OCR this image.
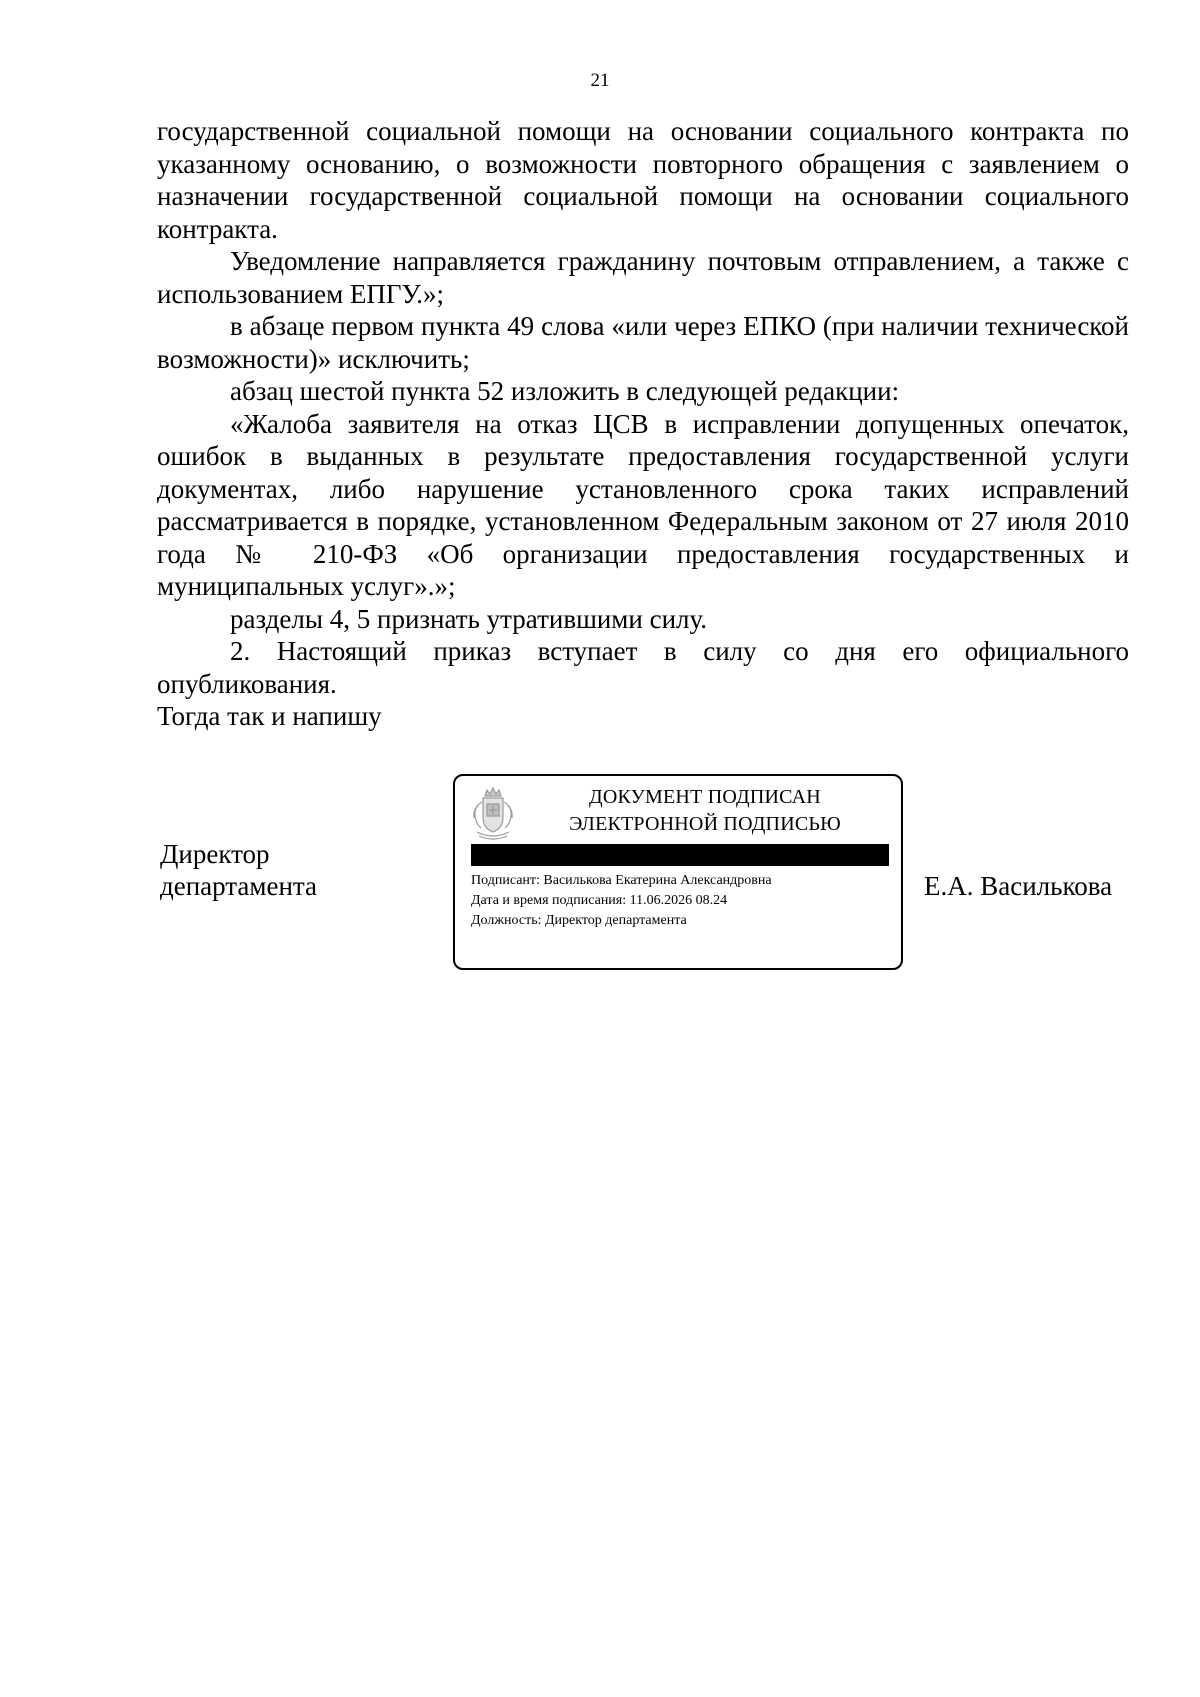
21

государственной социальной помощи на основании социального контракта по указанному основанию, о возможности повторного обращения с заявлением о назначении государственной социальной помощи на основании социального контракта.

Уведомление направляется гражданину почтовым отправлением, а также с использованием ЕПГУ.»;

в абзаце первом пункта 49 слова «или через ЕПКО (при наличии технической возможности)» исключить;

абзац шестой пункта 52 изложить в следующей редакции:

«Жалоба заявителя на отказ ЦСВ в исправлении допущенных опечаток, ошибок в выданных в результате предоставления государственной услуги документах, либо нарушение установленного срока таких исправлений рассматривается в порядке, установленном Федеральным законом от 27 июля 2010 года № 210-ФЗ «Об организации предоставления государственных и муниципальных услуг».»;

разделы 4, 5 признать утратившими силу.

2. Настоящий приказ вступает в силу со дня его официального опубликования.

Тогда так и напишу

Директор
департамента
ДОКУМЕНТ ПОДПИСАН
ЭЛЕКТРОННОЙ ПОДПИСЬЮ
Подписант: Василькова Екатерина Александровна
Дата и время подписания: 11.06.2026 08.24
Должность: Директор департамента
Е.А. Василькова
